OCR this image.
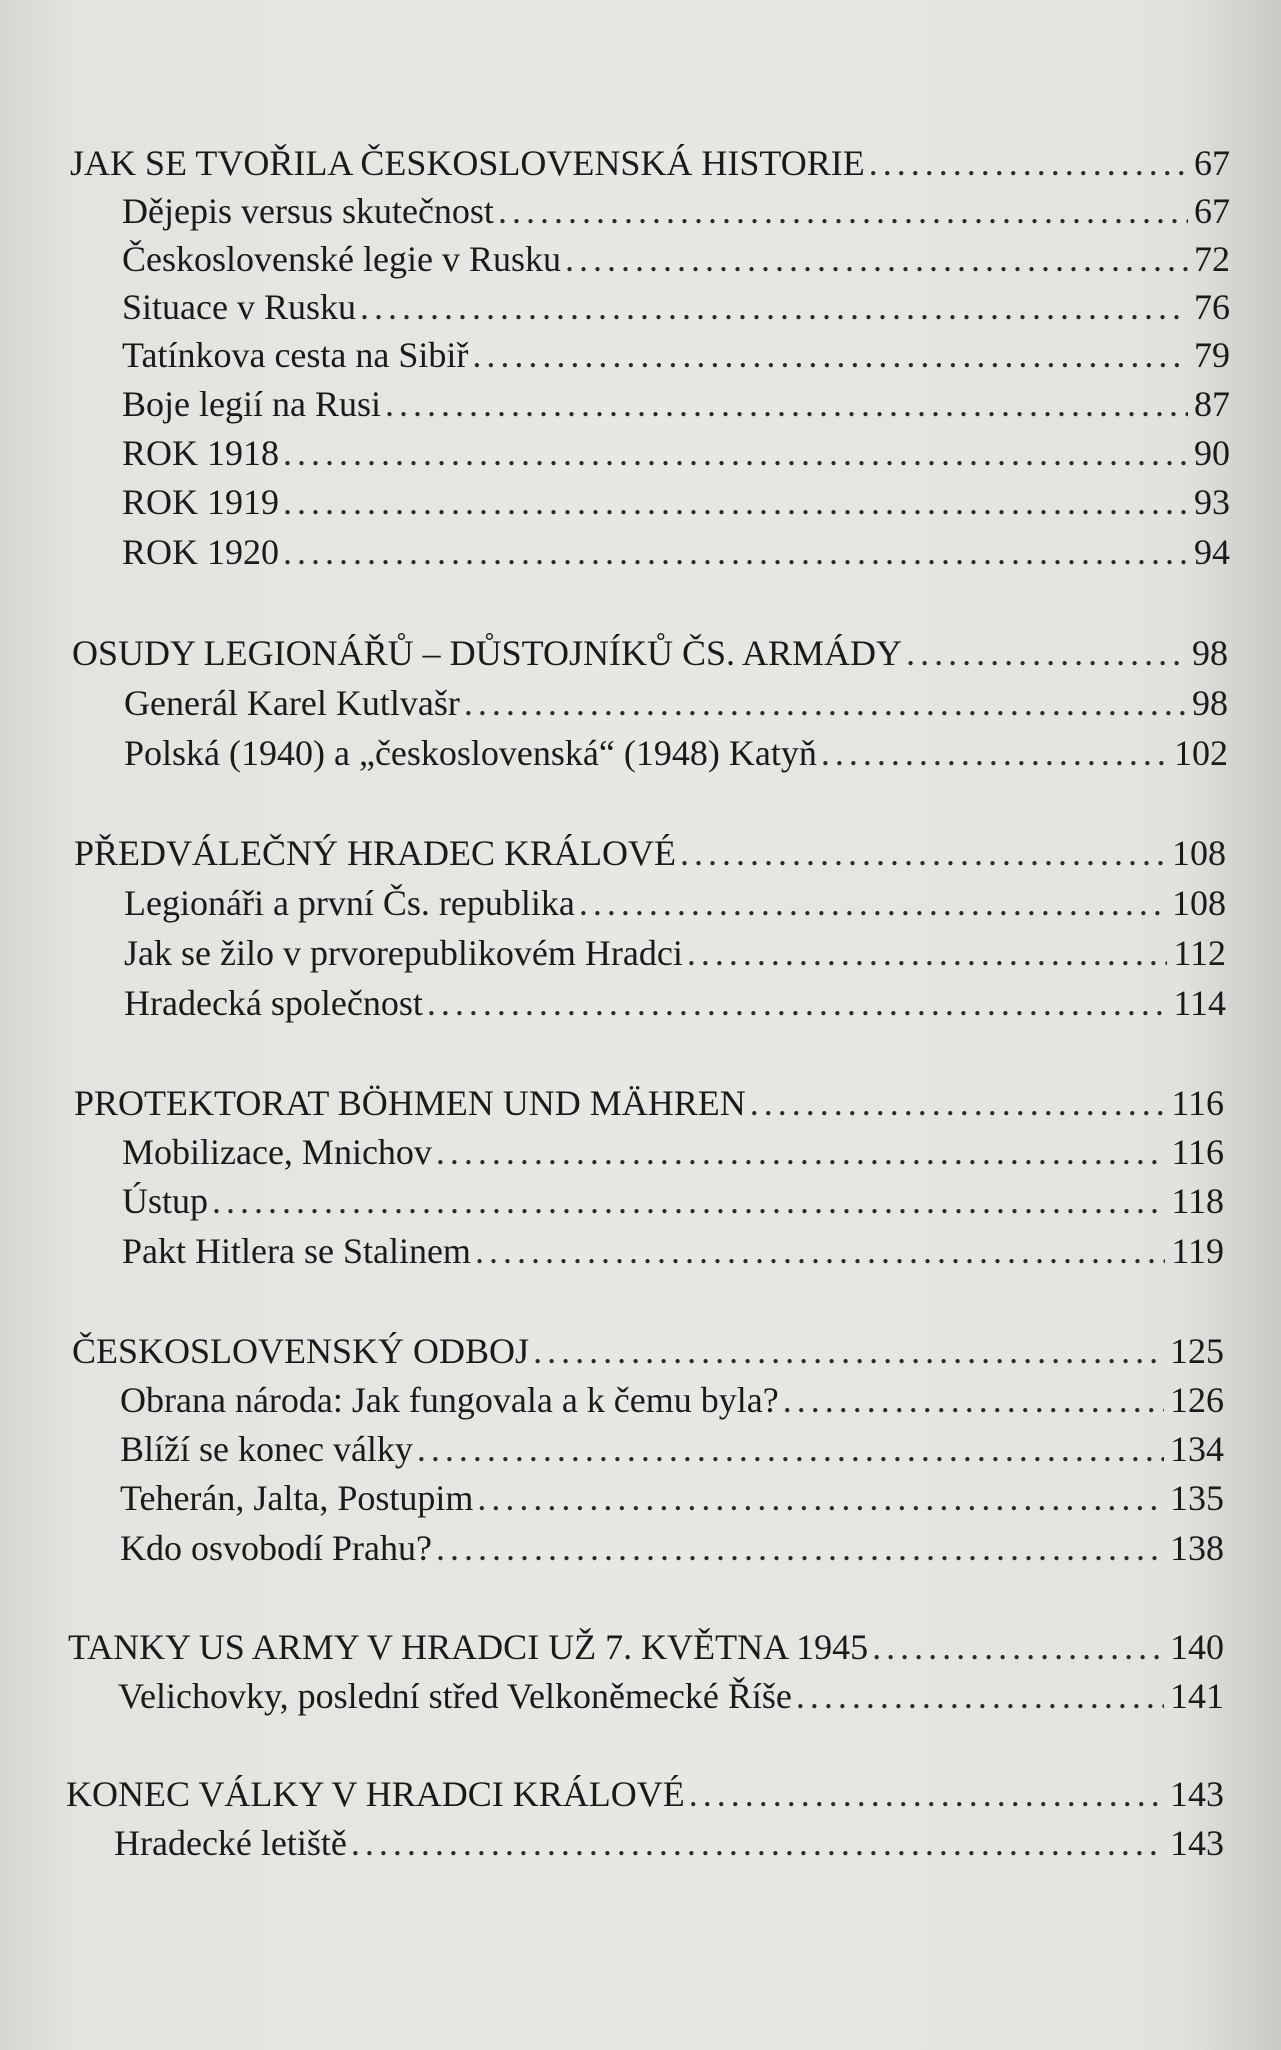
JAK SE TVOŘILA ČESKOSLOVENSKÁ HISTORIE .....	67
Dějepis versus skutečnost .....	67
Československé legie v Rusku .....	72
Situace v Rusku .....	76
Tatínkova cesta na Sibiř .....	79
Boje legií na Rusi .....	87
ROK 1918 .....	90
ROK 1919 .....	93
ROK 1920 .....	94
OSUDY LEGIONÁŘŮ – DŮSTOJNÍKŮ ČS. ARMÁDY .....	98
Generál Karel Kutlvašr .....	98
Polská (1940) a „československá“ (1948) Katyň .....	102
PŘEDVÁLEČNÝ HRADEC KRÁLOVÉ .....	108
Legionáři a první Čs. republika .....	108
Jak se žilo v prvorepublikovém Hradci .....	112
Hradecká společnost .....	114
PROTEKTORAT BÖHMEN UND MÄHREN .....	116
Mobilizace, Mnichov .....	116
Ústup .....	118
Pakt Hitlera se Stalinem .....	119
ČESKOSLOVENSKÝ ODBOJ .....	125
Obrana národa: Jak fungovala a k čemu byla? .....	126
Blíží se konec války .....	134
Teherán, Jalta, Postupim .....	135
Kdo osvobodí Prahu? .....	138
TANKY US ARMY V HRADCI UŽ 7. KVĚTNA 1945 .....	140
Velichovky, poslední střed Velkoněmecké Říše .....	141
KONEC VÁLKY V HRADCI KRÁLOVÉ .....	143
Hradecké letiště .....	143
